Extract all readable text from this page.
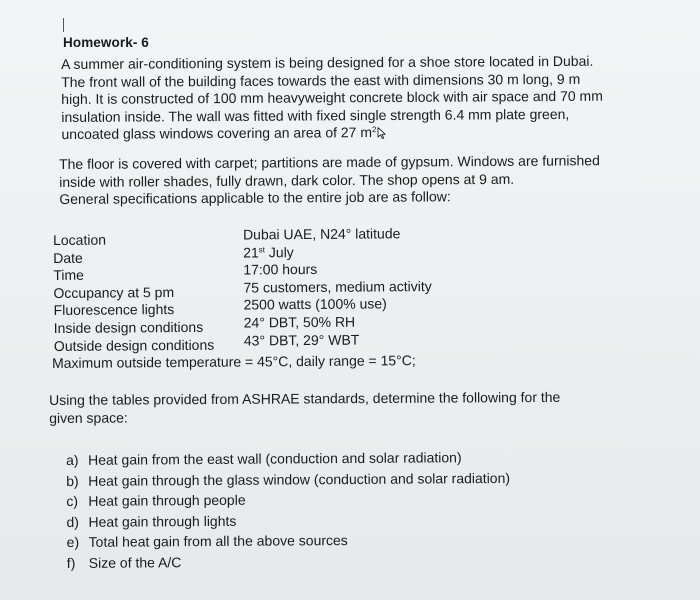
Homework- 6
A summer air-conditioning system is being designed for a shoe store located in Dubai.
The front wall of the building faces towards the east with dimensions 30 m long, 9 m
high. It is constructed of 100 mm heavyweight concrete block with air space and 70 mm
insulation inside. The wall was fitted with fixed single strength 6.4 mm plate green,
uncoated glass windows covering an area of 27 $m^2$
The floor is covered with carpet; partitions are made of gypsum. Windows are furnished
inside with roller shades, fully drawn, dark color. The shop opens at 9 am.
General specifications applicable to the entire job are as follow:
Location	Dubai UAE, N24° latitude
Date	21st July
Time	17:00 hours
Occupancy at 5 pm	75 customers, medium activity
Fluorescence lights	2500 watts (100% use)
Inside design conditions	24° DBT, 50% RH
Outside design conditions 43° DBT, 29° WBT
Maximum outside temperature = 45°C, daily range = 15°C;
Using the tables provided from ASHRAE standards, determine the following for the
given space:
a) Heat gain from the east wall (conduction and solar radiation)
b) Heat gain through the glass window (conduction and solar radiation)
c) Heat gain through people
d) Heat gain through lights
e) Total heat gain from all the above sources
f) Size of the A/C
